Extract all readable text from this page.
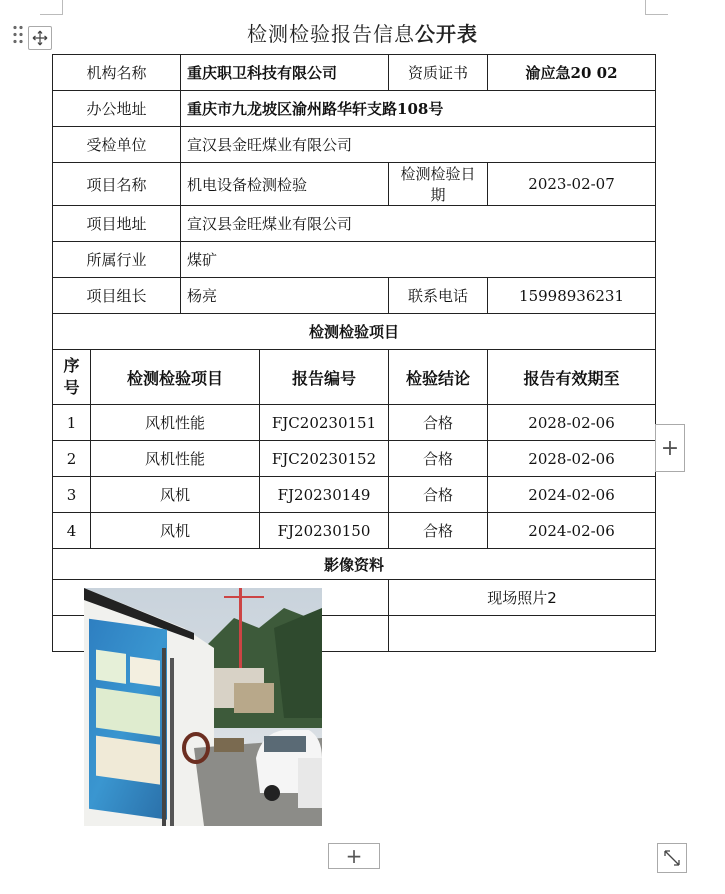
检测检验报告信息公开表
机构名称		重庆职卫科技有限公司		资质证书	渝应急20 02
办公地址		重庆市九龙坡区渝州路华轩支路108号			
受检单位		宣汉县金旺煤业有限公司			
项目名称		机电设备检测检验		检测检验日期	2023-02-07
项目地址		宣汉县金旺煤业有限公司			
所属行业		煤矿			
项目组长		杨亮		联系电话	15998936231
检测检验项目					
序
号	检测检验项目		报告编号	检验结论	报告有效期至
1	风机性能		FJC20230151	合格	2028-02-06
2	风机性能		FJC20230152	合格	2028-02-06
3	风机		FJ20230149	合格	2024-02-06
4	风机		FJ20230150	合格	2024-02-06
影像资料					
	现场照片2	

+
+
